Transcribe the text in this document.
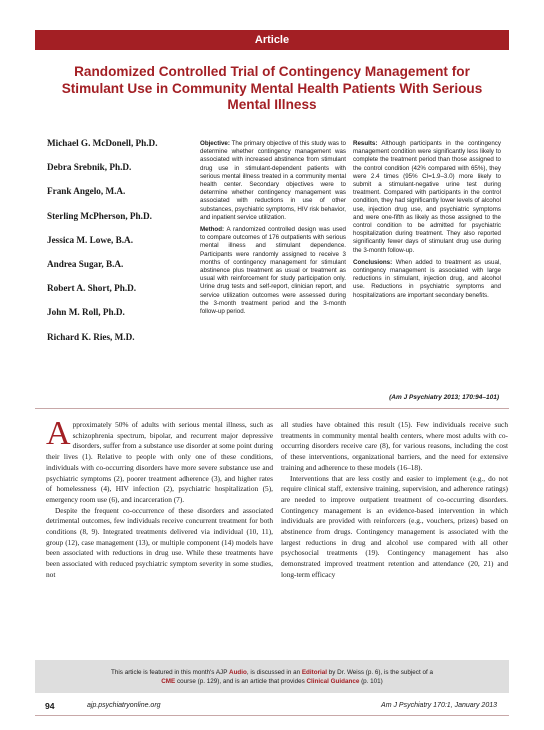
Article
Randomized Controlled Trial of Contingency Management for Stimulant Use in Community Mental Health Patients With Serious Mental Illness
Michael G. McDonell, Ph.D.
Debra Srebnik, Ph.D.
Frank Angelo, M.A.
Sterling McPherson, Ph.D.
Jessica M. Lowe, B.A.
Andrea Sugar, B.A.
Robert A. Short, Ph.D.
John M. Roll, Ph.D.
Richard K. Ries, M.D.

Objective: The primary objective of this study was to determine whether contingency management was associated with increased abstinence from stimulant drug use in stimulant-dependent patients with serious mental illness treated in a community mental health center. Secondary objectives were to determine whether contingency management was associated with reductions in use of other substances, psychiatric symptoms, HIV risk behavior, and inpatient service utilization.

Method: A randomized controlled design was used to compare outcomes of 176 outpatients with serious mental illness and stimulant dependence. Participants were randomly assigned to receive 3 months of contingency management for stimulant abstinence plus treatment as usual or treatment as usual with reinforcement for study participation only. Urine drug tests and self-report, clinician report, and service utilization outcomes were assessed during the 3-month treatment period and the 3-month follow-up period.

Results: Although participants in the contingency management condition were significantly less likely to complete the treatment period than those assigned to the control condition (42% compared with 65%), they were 2.4 times (95% CI=1.9–3.0) more likely to submit a stimulant-negative urine test during treatment. Compared with participants in the control condition, they had significantly lower levels of alcohol use, injection drug use, and psychiatric symptoms and were one-fifth as likely as those assigned to the control condition to be admitted for psychiatric hospitalization during treatment. They also reported significantly fewer days of stimulant drug use during the 3-month follow-up.

Conclusions: When added to treatment as usual, contingency management is associated with large reductions in stimulant, injection drug, and alcohol use. Reductions in psychiatric symptoms and hospitalizations are important secondary benefits.

(Am J Psychiatry 2013; 170:94–101)

Approximately 50% of adults with serious mental illness, such as schizophrenia spectrum, bipolar, and recurrent major depressive disorders, suffer from a substance use disorder at some point during their lives (1). Relative to people with only one of these conditions, individuals with co-occurring disorders have more severe substance use and psychiatric symptoms (2), poorer treatment adherence (3), and higher rates of homelessness (4), HIV infection (2), psychiatric hospitalization (5), emergency room use (6), and incarceration (7).

Despite the frequent co-occurrence of these disorders and associated detrimental outcomes, few individuals receive concurrent treatment for both conditions (8, 9). Integrated treatments delivered via individual (10, 11), group (12), case management (13), or multiple component (14) models have been associated with reductions in drug use. While these treatments have been associated with reduced psychiatric symptom severity in some studies, not

all studies have obtained this result (15). Few individuals receive such treatments in community mental health centers, where most adults with co-occurring disorders receive care (8), for various reasons, including the cost of these interventions, organizational barriers, and the need for extensive training and adherence to these models (16–18).

Interventions that are less costly and easier to implement (e.g., do not require clinical staff, extensive training, supervision, and adherence ratings) are needed to improve outpatient treatment of co-occurring disorders. Contingency management is an evidence-based intervention in which individuals are provided with reinforcers (e.g., vouchers, prizes) based on abstinence from drugs. Contingency management is associated with the largest reductions in drug and alcohol use compared with all other psychosocial treatments (19). Contingency management has also demonstrated improved treatment retention and attendance (20, 21) and long-term efficacy

This article is featured in this month's AJP Audio, is discussed in an Editorial by Dr. Weiss (p. 6), is the subject of a
CME course (p. 129), and is an article that provides Clinical Guidance (p. 101)
94	ajp.psychiatryonline.org	Am J Psychiatry 170:1, January 2013
